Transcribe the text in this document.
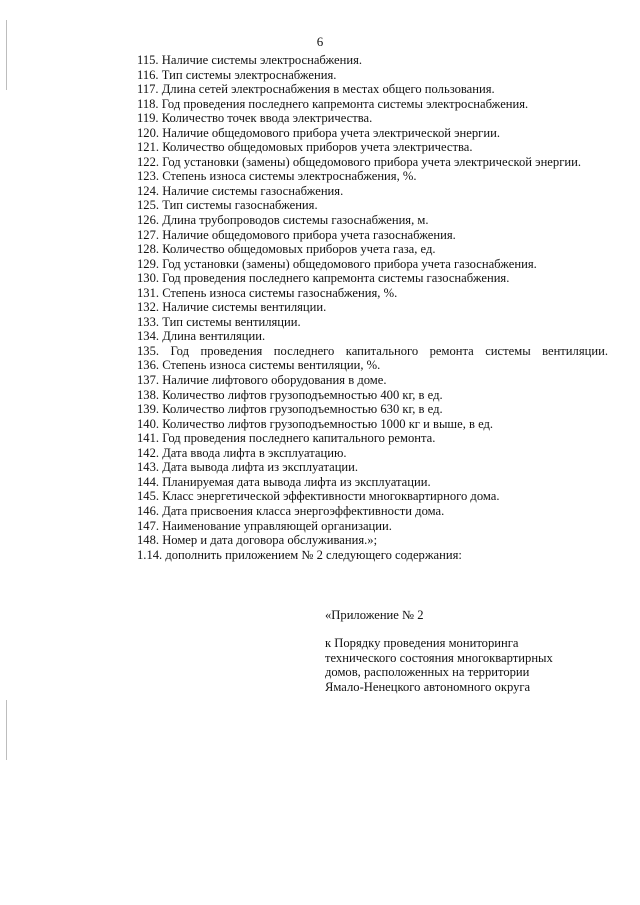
6

115. Наличие системы электроснабжения.

116. Тип системы электроснабжения.

117. Длина сетей электроснабжения в местах общего пользования.

118. Год проведения последнего капремонта системы электроснабжения.

119. Количество точек ввода электричества.

120. Наличие общедомового прибора учета электрической энергии.

121. Количество общедомовых приборов учета электричества.

122. Год установки (замены) общедомового прибора учета электрической энергии.

123. Степень износа системы электроснабжения, %.

124. Наличие системы газоснабжения.

125. Тип системы газоснабжения.

126. Длина трубопроводов системы газоснабжения, м.

127. Наличие общедомового прибора учета газоснабжения.

128. Количество общедомовых приборов учета газа, ед.

129. Год установки (замены) общедомового прибора учета газоснабжения.

130. Год проведения последнего капремонта системы газоснабжения.

131. Степень износа системы газоснабжения, %.

132. Наличие системы вентиляции.

133. Тип системы вентиляции.

134. Длина вентиляции.

135. Год проведения последнего капитального ремонта системы вентиляции.

136. Степень износа системы вентиляции, %.

137. Наличие лифтового оборудования в доме.

138. Количество лифтов грузоподъемностью 400 кг, в ед.

139. Количество лифтов грузоподъемностью 630 кг, в ед.

140. Количество лифтов грузоподъемностью 1000 кг и выше, в ед.

141. Год проведения последнего капитального ремонта.

142. Дата ввода лифта в эксплуатацию.

143. Дата вывода лифта из эксплуатации.

144. Планируемая дата вывода лифта из эксплуатации.

145. Класс энергетической эффективности многоквартирного дома.

146. Дата присвоения класса энергоэффективности дома.

147. Наименование управляющей организации.

148. Номер и дата договора обслуживания.»;

1.14. дополнить приложением № 2 следующего содержания:

«Приложение № 2

к Порядку проведения мониторинга

технического состояния многоквартирных

домов, расположенных на территории

Ямало-Ненецкого автономного округа
